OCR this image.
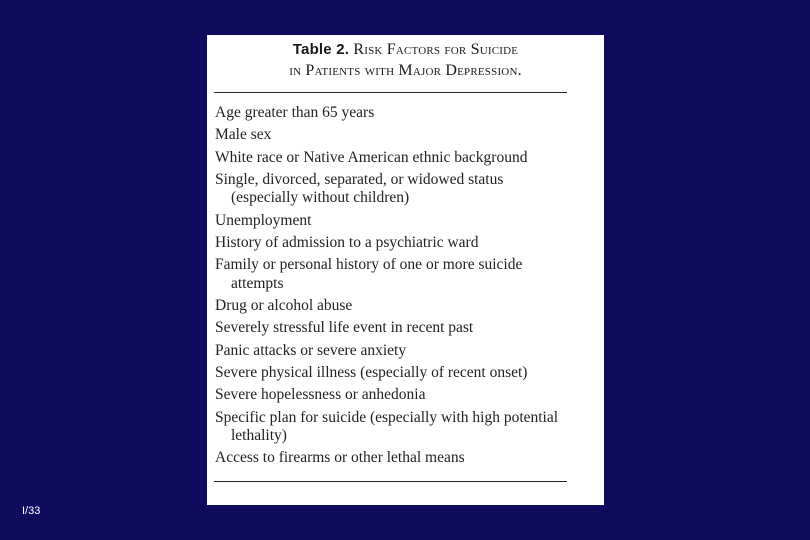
Table 2. Risk Factors for Suicide
in Patients with Major Depression.
Age greater than 65 years
Male sex
White race or Native American ethnic background
Single, divorced, separated, or widowed status (especially without children)
Unemployment
History of admission to a psychiatric ward
Family or personal history of one or more suicide attempts
Drug or alcohol abuse
Severely stressful life event in recent past
Panic attacks or severe anxiety
Severe physical illness (especially of recent onset)
Severe hopelessness or anhedonia
Specific plan for suicide (especially with high potential lethality)
Access to firearms or other lethal means
I/33
